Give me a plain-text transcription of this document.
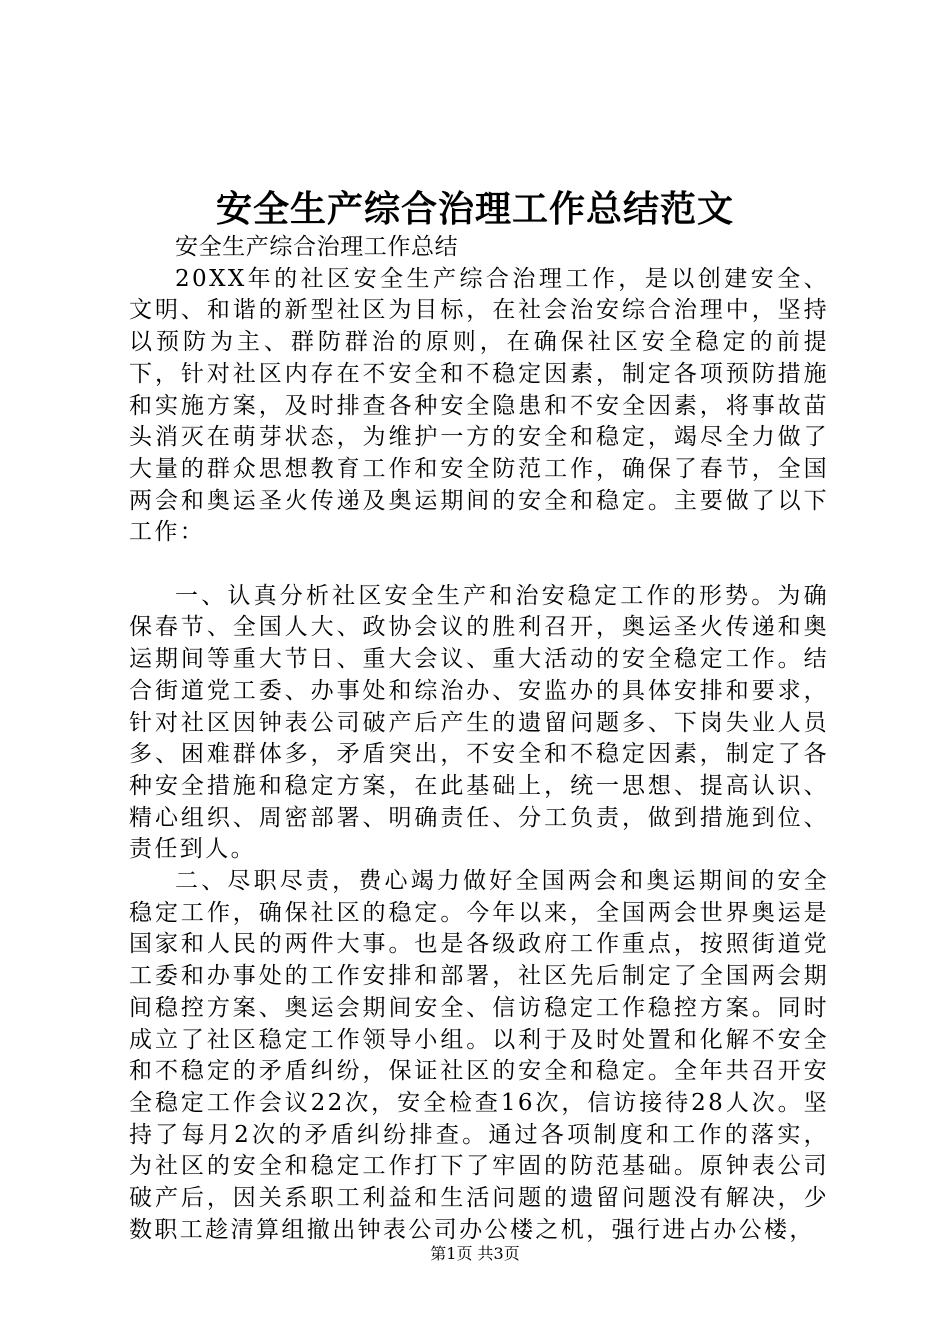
安全生产综合治理工作总结范文

安全生产综合治理工作总结

20XX年的社区安全生产综合治理工作，是以创建安全、文明、和谐的新型社区为目标，在社会治安综合治理中，坚持以预防为主、群防群治的原则，在确保社区安全稳定的前提下，针对社区内存在不安全和不稳定因素，制定各项预防措施和实施方案，及时排查各种安全隐患和不安全因素，将事故苗头消灭在萌芽状态，为维护一方的安全和稳定，竭尽全力做了大量的群众思想教育工作和安全防范工作，确保了春节，全国两会和奥运圣火传递及奥运期间的安全和稳定。主要做了以下工作：

一、认真分析社区安全生产和治安稳定工作的形势。为确保春节、全国人大、政协会议的胜利召开，奥运圣火传递和奥运期间等重大节日、重大会议、重大活动的安全稳定工作。结合街道党工委、办事处和综治办、安监办的具体安排和要求，针对社区因钟表公司破产后产生的遗留问题多、下岗失业人员多、困难群体多，矛盾突出，不安全和不稳定因素，制定了各种安全措施和稳定方案，在此基础上，统一思想、提高认识、精心组织、周密部署、明确责任、分工负责，做到措施到位、责任到人。

二、尽职尽责，费心竭力做好全国两会和奥运期间的安全稳定工作，确保社区的稳定。今年以来，全国两会世界奥运是国家和人民的两件大事。也是各级政府工作重点，按照街道党工委和办事处的工作安排和部署，社区先后制定了全国两会期间稳控方案、奥运会期间安全、信访稳定工作稳控方案。同时成立了社区稳定工作领导小组。以利于及时处置和化解不安全和不稳定的矛盾纠纷，保证社区的安全和稳定。全年共召开安全稳定工作会议22次，安全检查16次，信访接待28人次。坚持了每月2次的矛盾纠纷排查。通过各项制度和工作的落实，为社区的安全和稳定工作打下了牢固的防范基础。原钟表公司破产后，因关系职工利益和生活问题的遗留问题没有解决，少数职工趁清算组撤出钟表公司办公楼之机，强行进占办公楼，

第1页 共3页
